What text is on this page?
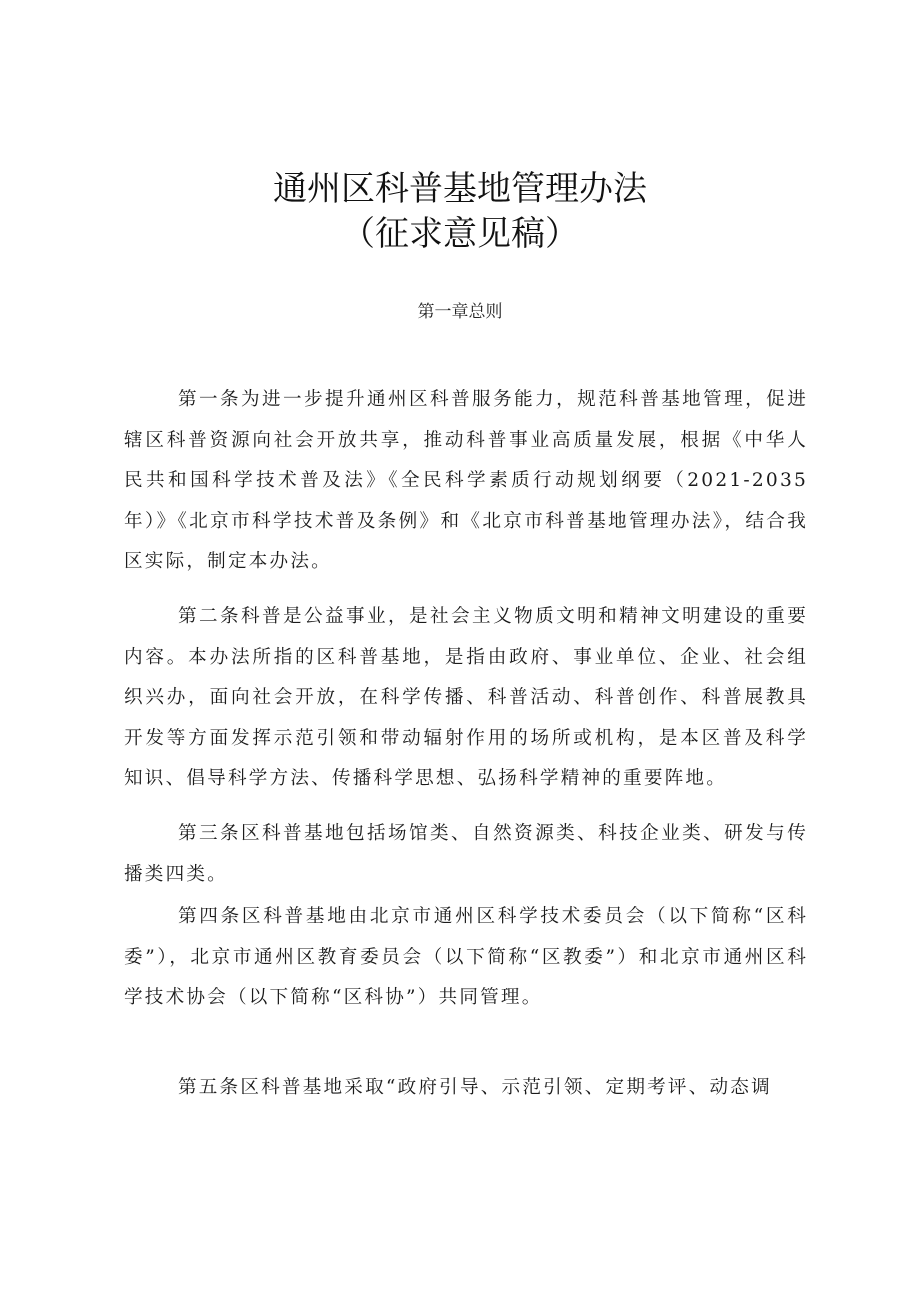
通州区科普基地管理办法
（征求意见稿）
第一章总则

第一条为进一步提升通州区科普服务能力，规范科普基地管理，促进辖区科普资源向社会开放共享，推动科普事业高质量发展，根据《中华人民共和国科学技术普及法》《全民科学素质行动规划纲要（2021-2035年）》《北京市科学技术普及条例》和《北京市科普基地管理办法》，结合我区实际，制定本办法。

第二条科普是公益事业，是社会主义物质文明和精神文明建设的重要内容。本办法所指的区科普基地，是指由政府、事业单位、企业、社会组织兴办，面向社会开放，在科学传播、科普活动、科普创作、科普展教具开发等方面发挥示范引领和带动辐射作用的场所或机构，是本区普及科学知识、倡导科学方法、传播科学思想、弘扬科学精神的重要阵地。

第三条区科普基地包括场馆类、自然资源类、科技企业类、研发与传播类四类。

第四条区科普基地由北京市通州区科学技术委员会（以下简称“区科委”），北京市通州区教育委员会（以下简称“区教委”）和北京市通州区科学技术协会（以下简称“区科协”）共同管理。

第五条区科普基地采取“政府引导、示范引领、定期考评、动态调
